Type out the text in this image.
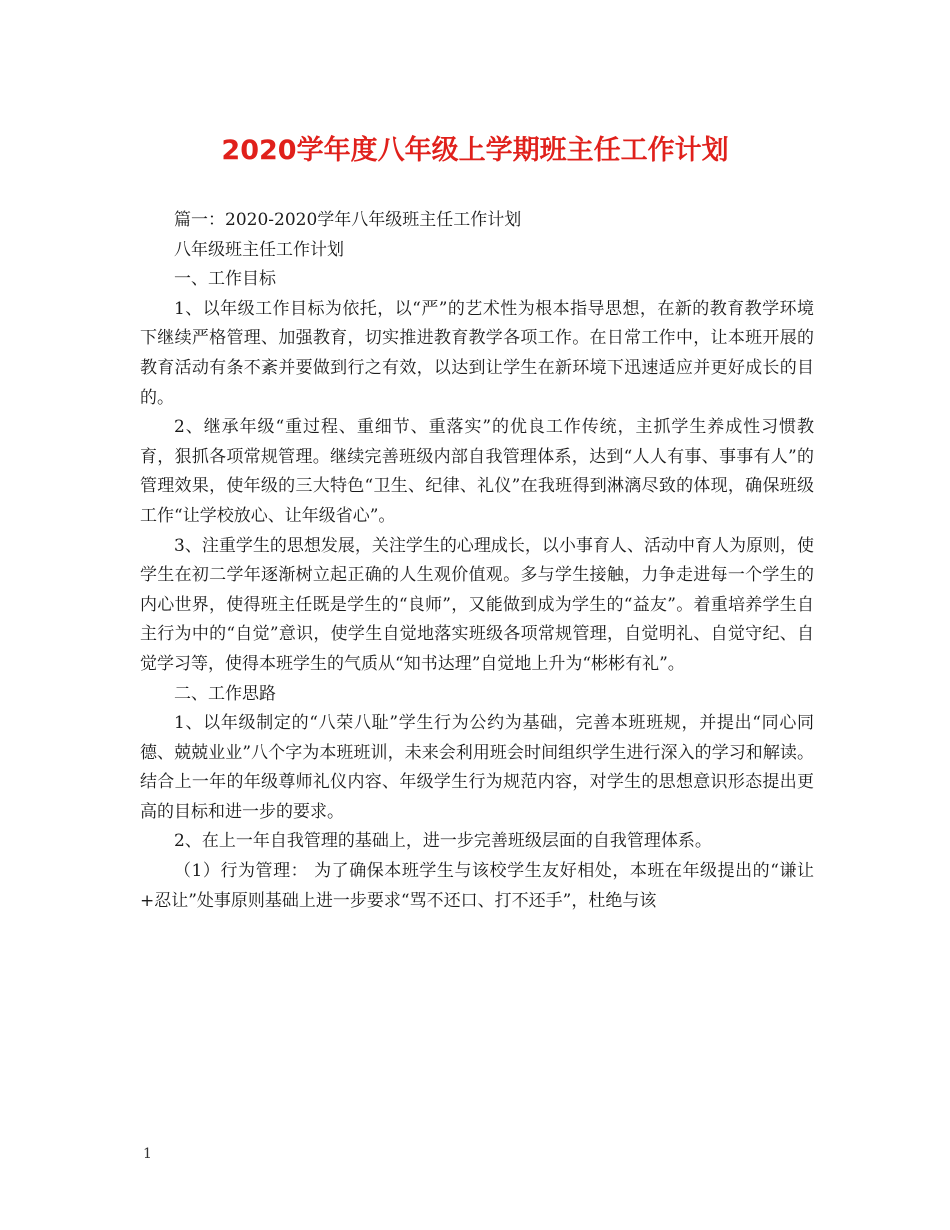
2020学年度八年级上学期班主任工作计划

篇一：2020-2020学年八年级班主任工作计划

八年级班主任工作计划

一、工作目标

1、以年级工作目标为依托，以“严”的艺术性为根本指导思想，在新的教育教学环境下继续严格管理、加强教育，切实推进教育教学各项工作。在日常工作中，让本班开展的教育活动有条不紊并要做到行之有效，以达到让学生在新环境下迅速适应并更好成长的目的。

2、继承年级“重过程、重细节、重落实”的优良工作传统，主抓学生养成性习惯教育，狠抓各项常规管理。继续完善班级内部自我管理体系，达到“人人有事、事事有人”的管理效果，使年级的三大特色“卫生、纪律、礼仪”在我班得到淋漓尽致的体现，确保班级工作“让学校放心、让年级省心”。

3、注重学生的思想发展，关注学生的心理成长，以小事育人、活动中育人为原则，使学生在初二学年逐渐树立起正确的人生观价值观。多与学生接触，力争走进每一个学生的内心世界，使得班主任既是学生的“良师”，又能做到成为学生的“益友”。着重培养学生自主行为中的“自觉”意识，使学生自觉地落实班级各项常规管理，自觉明礼、自觉守纪、自觉学习等，使得本班学生的气质从“知书达理”自觉地上升为“彬彬有礼”。

二、工作思路

1、以年级制定的“八荣八耻”学生行为公约为基础，完善本班班规，并提出“同心同德、兢兢业业”八个字为本班班训，未来会利用班会时间组织学生进行深入的学习和解读。结合上一年的年级尊师礼仪内容、年级学生行为规范内容，对学生的思想意识形态提出更高的目标和进一步的要求。

2、在上一年自我管理的基础上，进一步完善班级层面的自我管理体系。

（1）行为管理： 为了确保本班学生与该校学生友好相处，本班在年级提出的“谦让+忍让”处事原则基础上进一步要求“骂不还口、打不还手”，杜绝与该

1
